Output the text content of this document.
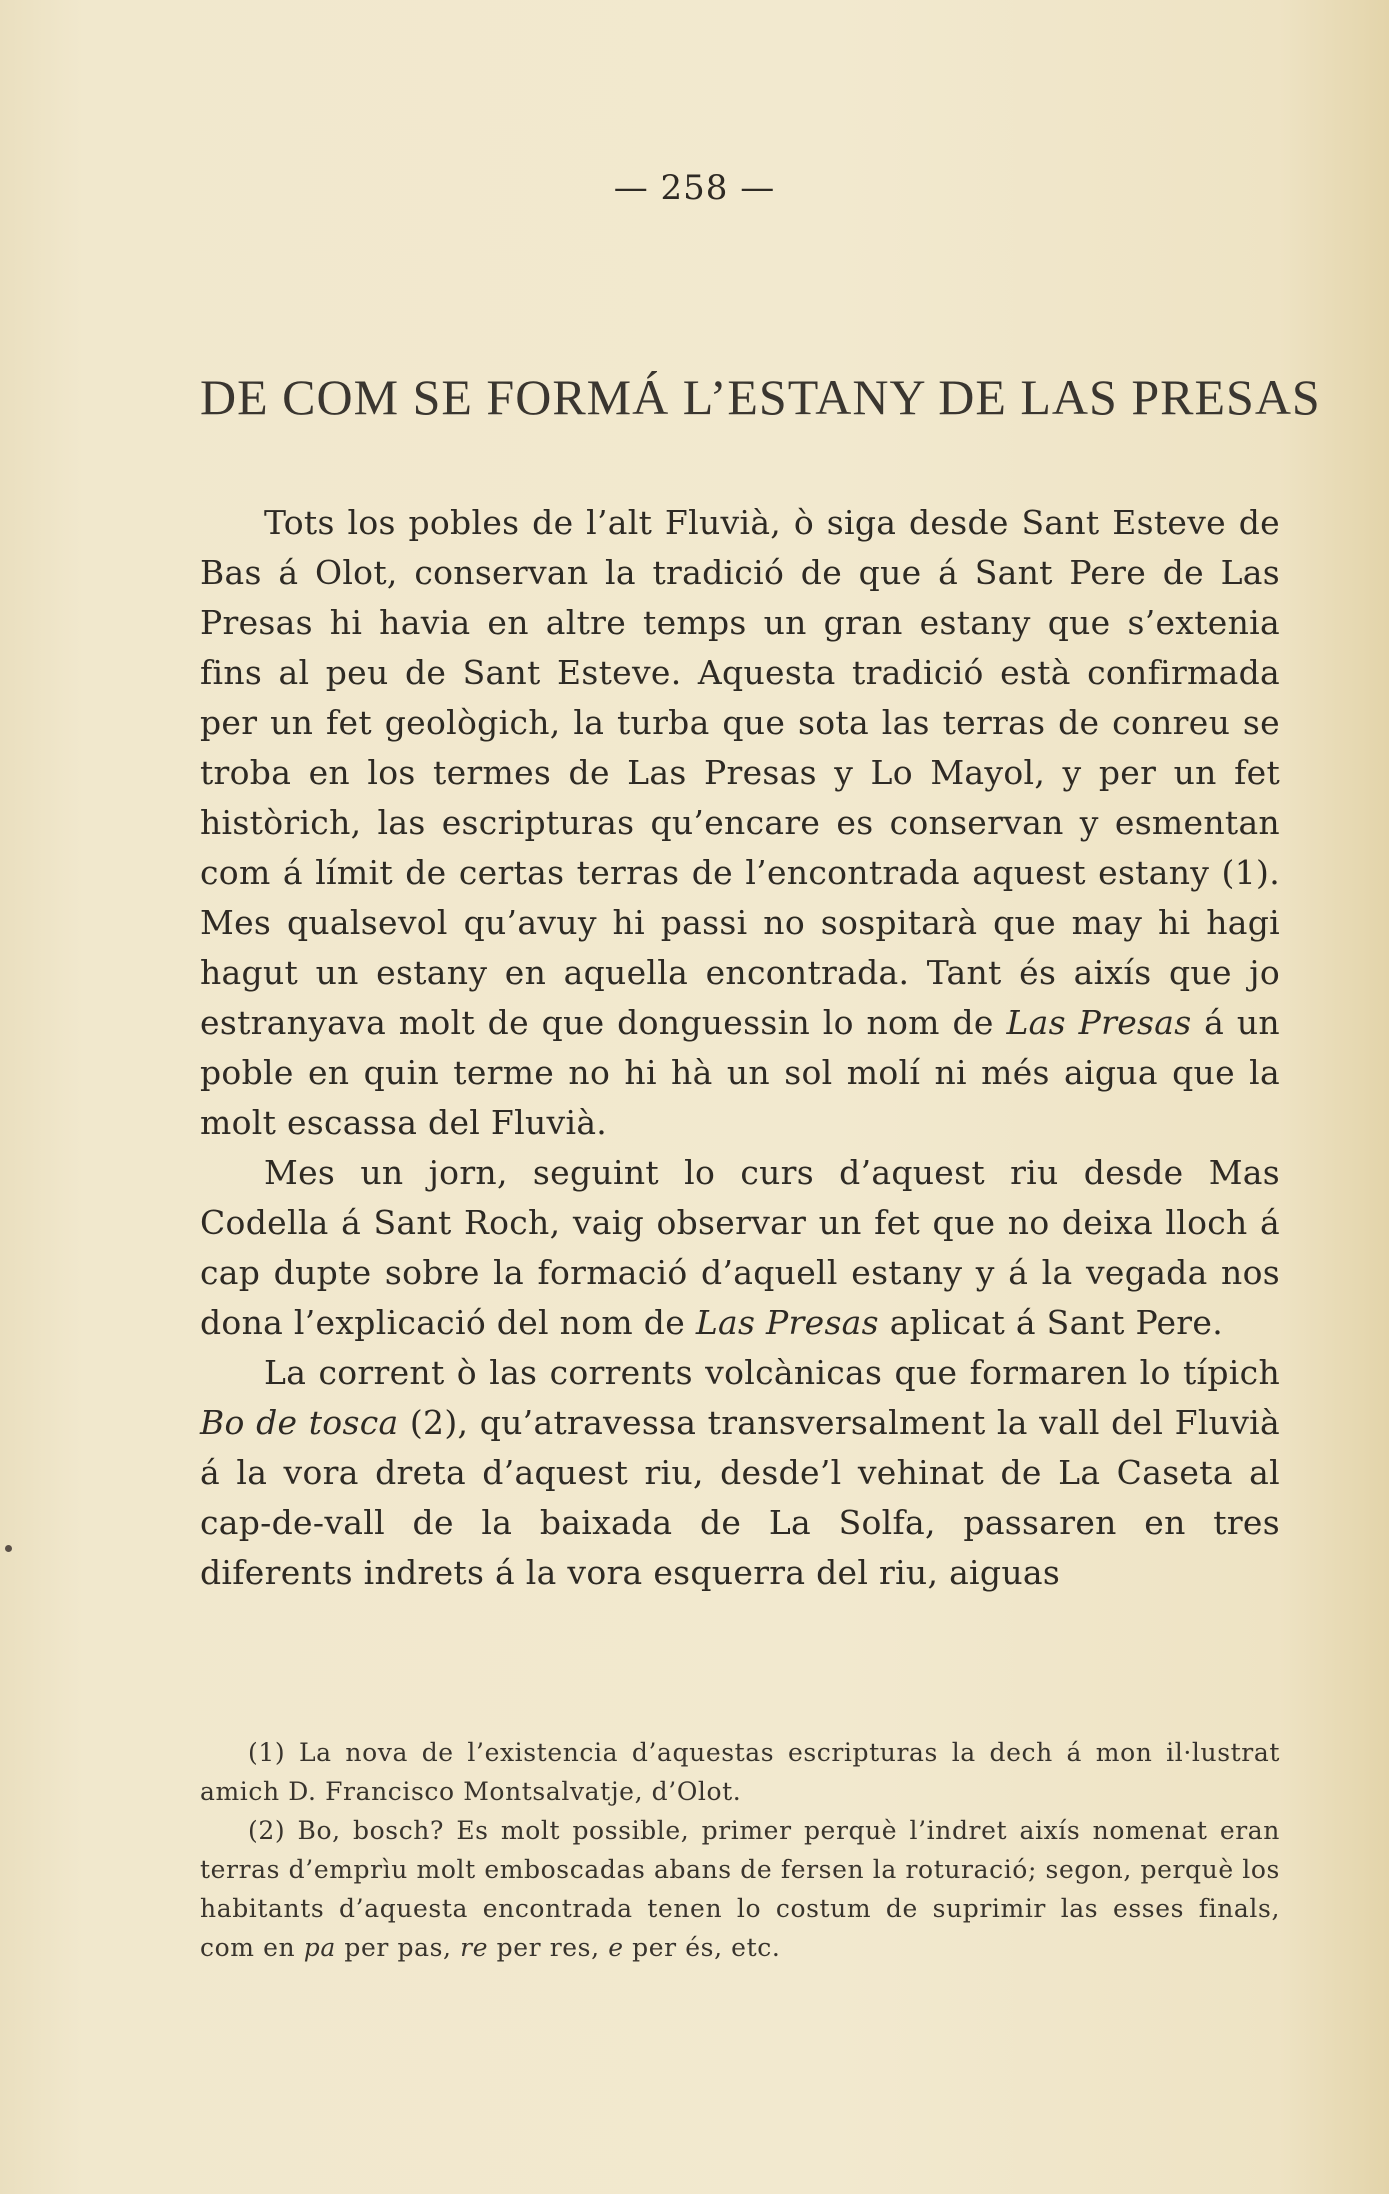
— 258 —
DE COM SE FORMÁ L’ESTANY DE LAS PRESAS

Tots los pobles de l’alt Fluvià, ò siga desde Sant Esteve de Bas á Olot, conservan la tradició de que á Sant Pere de Las Presas hi havia en altre temps un gran estany que s’extenia fins al peu de Sant Esteve. Aquesta tradició està confirmada per un fet geològich, la turba que sota las terras de conreu se troba en los termes de Las Presas y Lo Mayol, y per un fet històrich, las escripturas qu’encare es conservan y esmentan com á límit de certas terras de l’encontrada aquest estany (1). Mes qualsevol qu’avuy hi passi no sospitarà que may hi hagi hagut un estany en aquella encontrada. Tant és aixís que jo estranyava molt de que donguessin lo nom de Las Presas á un poble en quin terme no hi hà un sol molí ni més aigua que la molt escassa del Fluvià.

Mes un jorn, seguint lo curs d’aquest riu desde Mas Codella á Sant Roch, vaig observar un fet que no deixa lloch á cap dupte sobre la formació d’aquell estany y á la vegada nos dona l’explicació del nom de Las Presas aplicat á Sant Pere.

La corrent ò las corrents volcànicas que formaren lo típich Bo de tosca (2), qu’atravessa transversalment la vall del Fluvià á la vora dreta d’aquest riu, desde’l vehinat de La Caseta al cap-de-vall de la baixada de La Solfa, passaren en tres diferents indrets á la vora esquerra del riu, aiguas

(1) La nova de l’existencia d’aquestas escripturas la dech á mon il·lustrat amich D. Francisco Montsalvatje, d’Olot.

(2) Bo, bosch? Es molt possible, primer perquè l’indret aixís nomenat eran terras d’emprìu molt emboscadas abans de fersen la roturació; segon, perquè los habitants d’aquesta encontrada tenen lo costum de suprimir las esses finals, com en pa per pas, re per res, e per és, etc.
